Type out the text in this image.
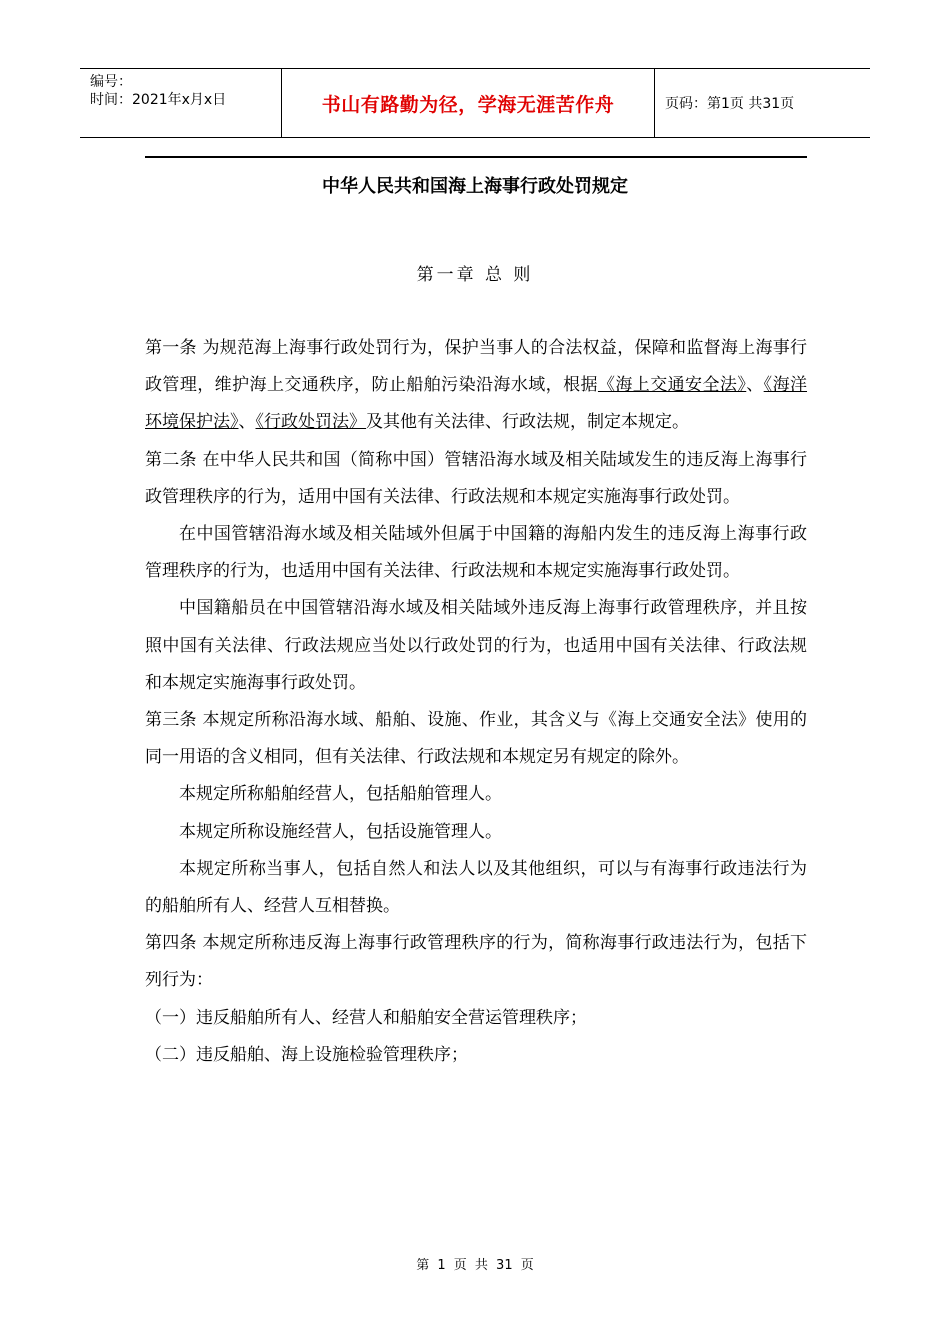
编号：
时间：2021年x月x日	书山有路勤为径，学海无涯苦作舟	页码：第1页 共31页
中华人民共和国海上海事行政处罚规定
第一章 总 则

第一条 为规范海上海事行政处罚行为，保护当事人的合法权益，保障和监督海上海事行政管理，维护海上交通秩序，防止船舶污染沿海水域，根据《海上交通安全法》、《海洋环境保护法》、《行政处罚法》及其他有关法律、行政法规，制定本规定。

第二条 在中华人民共和国（简称中国）管辖沿海水域及相关陆域发生的违反海上海事行政管理秩序的行为，适用中国有关法律、行政法规和本规定实施海事行政处罚。

在中国管辖沿海水域及相关陆域外但属于中国籍的海船内发生的违反海上海事行政管理秩序的行为，也适用中国有关法律、行政法规和本规定实施海事行政处罚。

中国籍船员在中国管辖沿海水域及相关陆域外违反海上海事行政管理秩序，并且按照中国有关法律、行政法规应当处以行政处罚的行为，也适用中国有关法律、行政法规和本规定实施海事行政处罚。

第三条 本规定所称沿海水域、船舶、设施、作业，其含义与《海上交通安全法》使用的同一用语的含义相同，但有关法律、行政法规和本规定另有规定的除外。

本规定所称船舶经营人，包括船舶管理人。

本规定所称设施经营人，包括设施管理人。

本规定所称当事人，包括自然人和法人以及其他组织，可以与有海事行政违法行为的船舶所有人、经营人互相替换。

第四条 本规定所称违反海上海事行政管理秩序的行为，简称海事行政违法行为，包括下列行为：

（一）违反船舶所有人、经营人和船舶安全营运管理秩序；

（二）违反船舶、海上设施检验管理秩序；

第 1 页 共 31 页
